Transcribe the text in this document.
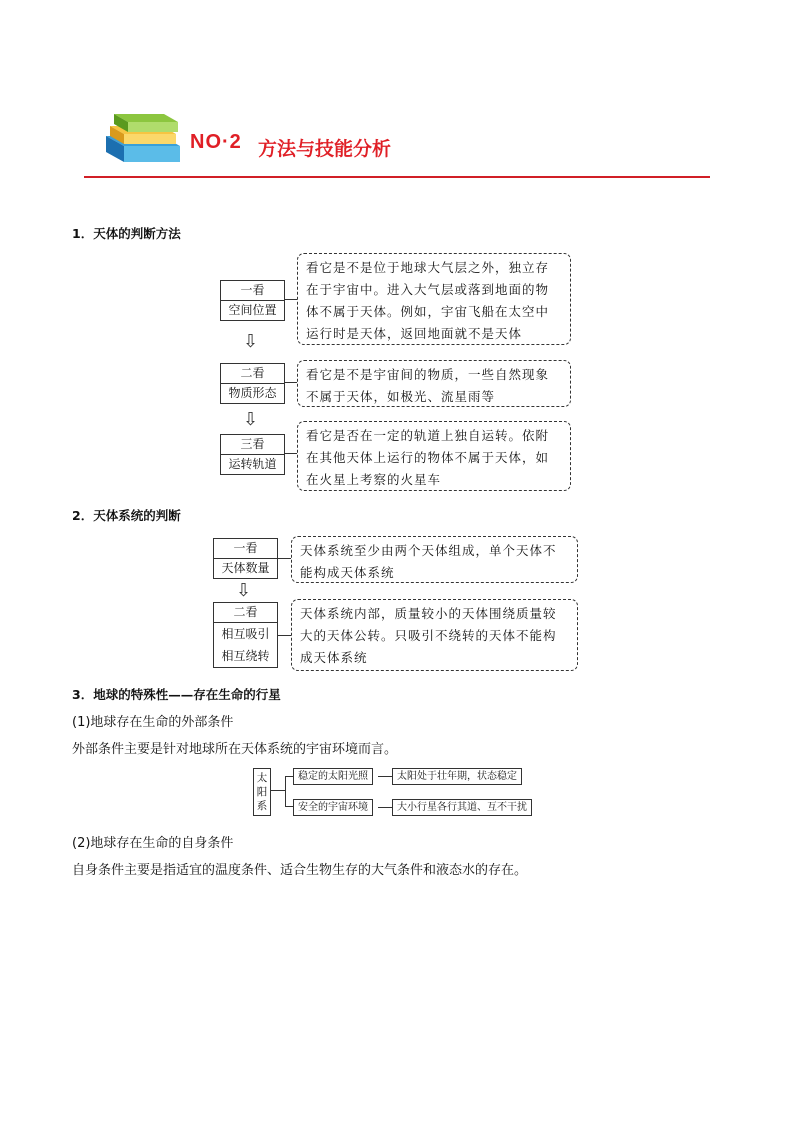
NO·2 方法与技能分析
1．天体的判断方法
一看
空间位置
看它是不是位于地球大气层之外，独立存在于宇宙中。进入大气层或落到地面的物体不属于天体。例如，宇宙飞船在太空中运行时是天体，返回地面就不是天体
⇩
二看
物质形态
看它是不是宇宙间的物质，一些自然现象不属于天体，如极光、流星雨等
⇩
三看
运转轨道
看它是否在一定的轨道上独自运转。依附在其他天体上运行的物体不属于天体，如在火星上考察的火星车
2．天体系统的判断
一看
天体数量
天体系统至少由两个天体组成，单个天体不能构成天体系统
⇩
二看
相互吸引
相互绕转
天体系统内部，质量较小的天体围绕质量较大的天体公转。只吸引不绕转的天体不能构成天体系统
3．地球的特殊性——存在生命的行星
(1)地球存在生命的外部条件
外部条件主要是针对地球所在天体系统的宇宙环境而言。
太阳系
稳定的太阳光照	太阳处于壮年期，状态稳定
安全的宇宙环境	大小行星各行其道、互不干扰
(2)地球存在生命的自身条件
自身条件主要是指适宜的温度条件、适合生物生存的大气条件和液态水的存在。
